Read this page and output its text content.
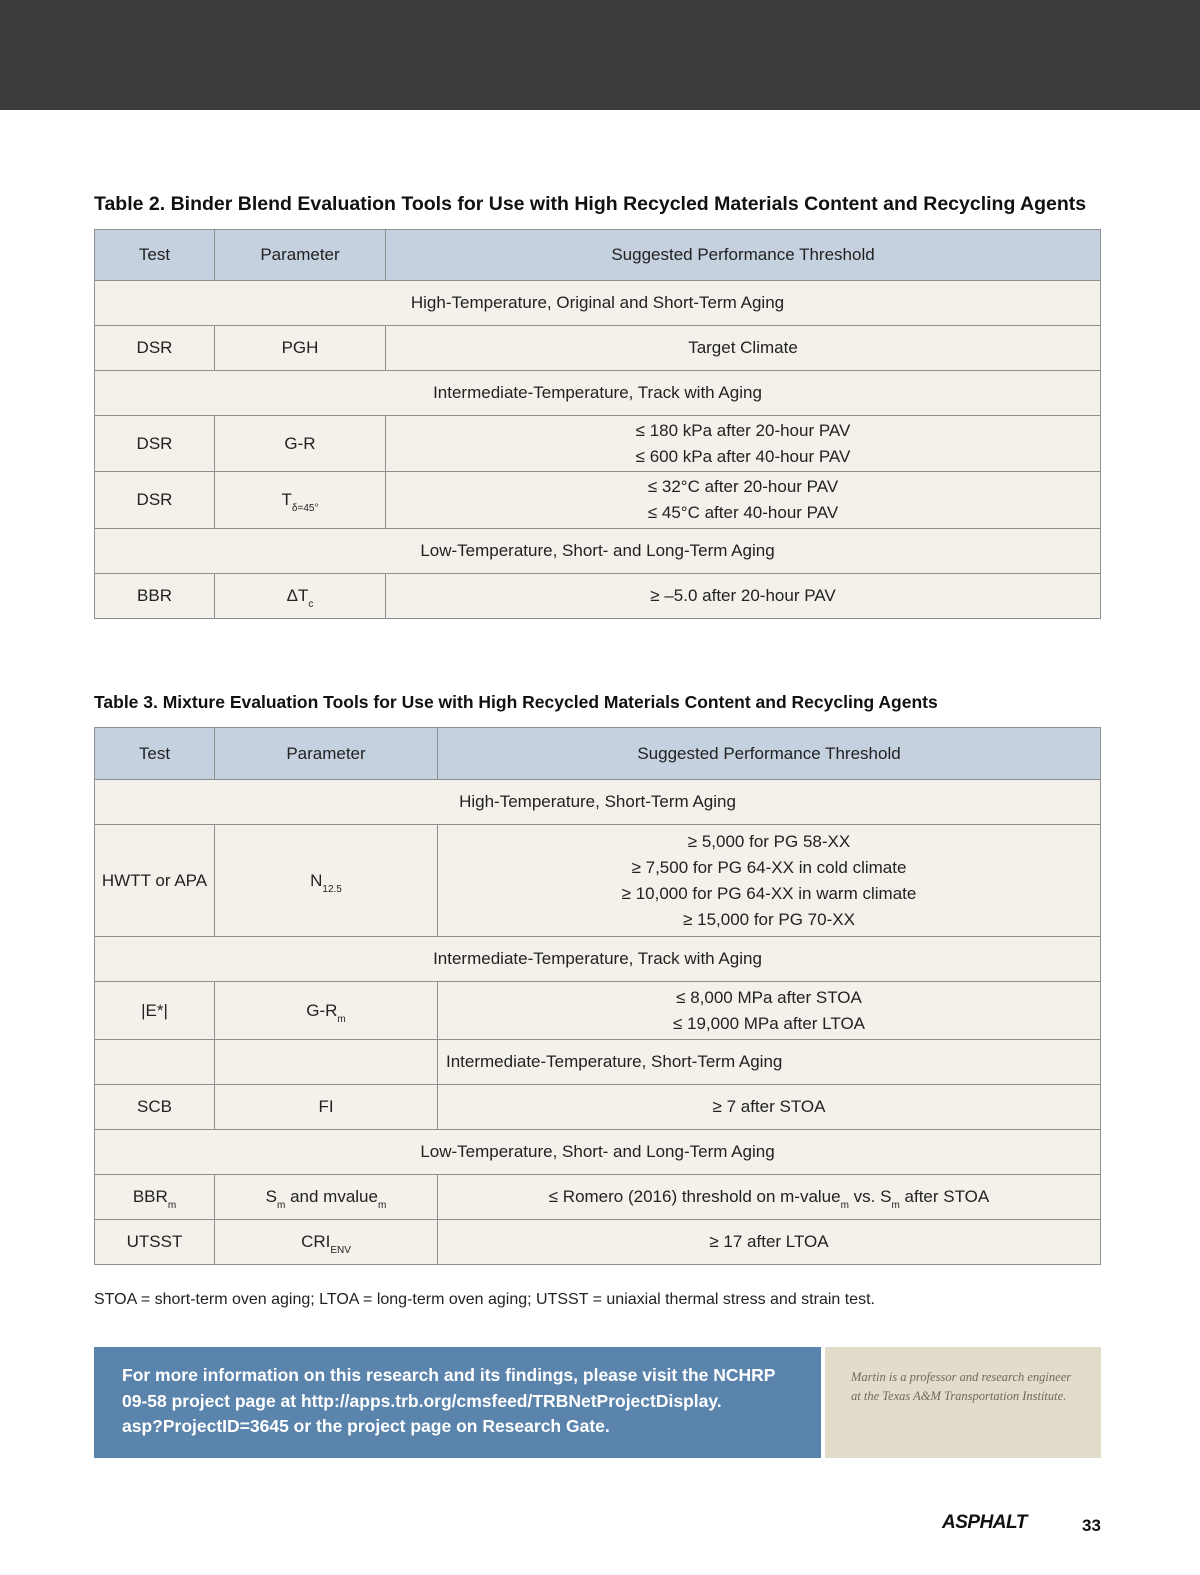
Table 2. Binder Blend Evaluation Tools for Use with High Recycled Materials Content and Recycling Agents
Test	Parameter	Suggested Performance Threshold
High-Temperature, Original and Short-Term Aging		
DSR	PGH	Target Climate
Intermediate-Temperature, Track with Aging		
DSR	G-R	≤ 180 kPa after 20-hour PAV
≤ 600 kPa after 40-hour PAV

DSR	$T_{\delta=45^\circ}$	≤ 32°C after 20-hour PAV
≤ 45°C after 40-hour PAV

Low-Temperature, Short- and Long-Term Aging		
BBR	$\Delta T_c$	≥ –5.0 after 20-hour PAV
Table 3. Mixture Evaluation Tools for Use with High Recycled Materials Content and Recycling Agents
Test	Parameter	Suggested Performance Threshold
High-Temperature, Short-Term Aging		
HWTT or APA	$N_{12.5}$	≥ 5,000 for PG 58-XX
≥ 7,500 for PG 64-XX in cold climate
≥ 10,000 for PG 64-XX in warm climate
≥ 15,000 for PG 70-XX

Intermediate-Temperature, Track with Aging		
|E*|	$G-R_m$	≤ 8,000 MPa after STOA
≤ 19,000 MPa after LTOA

		Intermediate-Temperature, Short-Term Aging
SCB	FI	≥ 7 after STOA
Low-Temperature, Short- and Long-Term Aging		
$BBR_m$	$S_m$ and mvalue$_m$	≤ Romero (2016) threshold on m-value$_m$ vs. $S_m$ after STOA
UTSST	$CRI_{ENV}$	≥ 17 after LTOA
STOA = short-term oven aging; LTOA = long-term oven aging; UTSST = uniaxial thermal stress and strain test.
For more information on this research and its findings, please visit the NCHRP
09-58 project page at http://apps.trb.org/cmsfeed/TRBNetProjectDisplay.
asp?ProjectID=3645 or the project page on Research Gate.
Martin is a professor and research engineer
at the Texas A&M Transportation Institute.
ASPHALT	33
